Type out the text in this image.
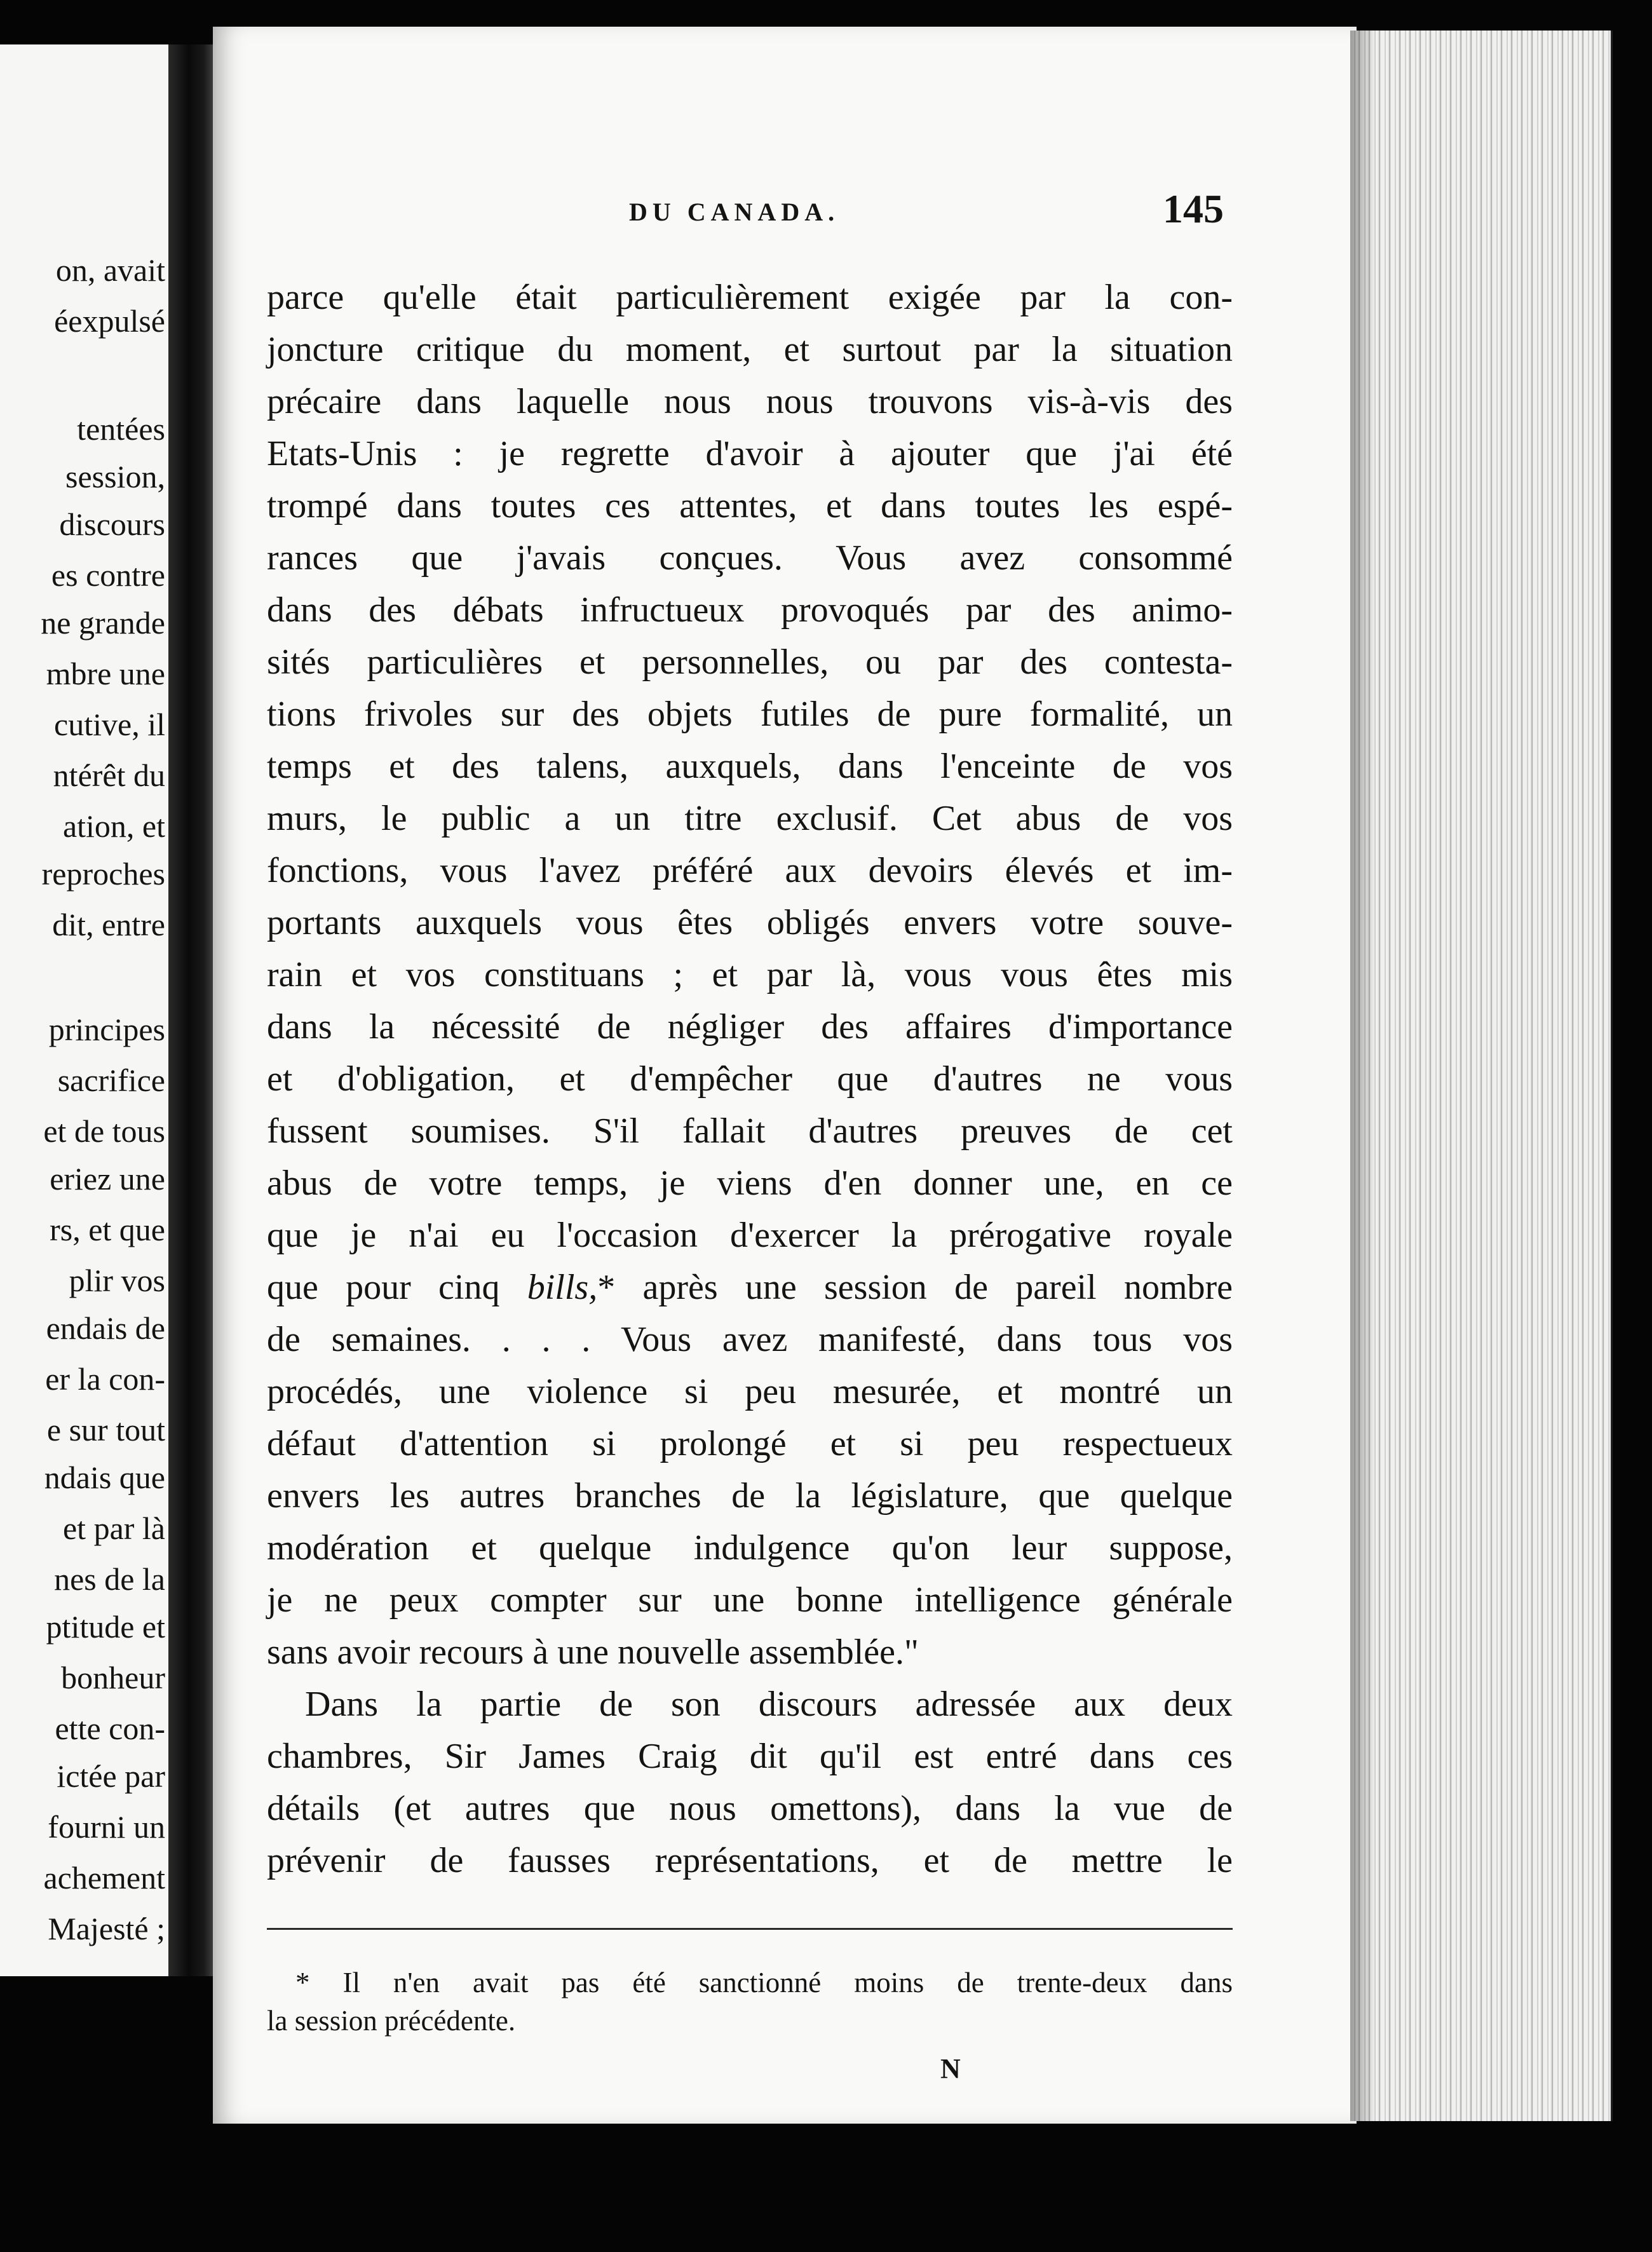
on, avait
éexpulsé
tentées
session,
discours
es contre
ne grande
mbre une
cutive, il
ntérêt du
ation, et
reproches
dit, entre
principes
sacrifice
et de tous
eriez une
rs, et que
plir vos
endais de
er la con-
e sur tout
ndais que
et par là
nes de la
ptitude et
bonheur
ette con-
ictée par
fourni un
achement
Majesté ;
DU CANADA.	145
parce qu'elle était particulièrement exigée par la con-
joncture critique du moment, et surtout par la situation
précaire dans laquelle nous nous trouvons vis-à-vis des
Etats-Unis : je regrette d'avoir à ajouter que j'ai été
trompé dans toutes ces attentes, et dans toutes les espé-
rances que j'avais conçues. Vous avez consommé
dans des débats infructueux provoqués par des animo-
sités particulières et personnelles, ou par des contesta-
tions frivoles sur des objets futiles de pure formalité, un
temps et des talens, auxquels, dans l'enceinte de vos
murs, le public a un titre exclusif. Cet abus de vos
fonctions, vous l'avez préféré aux devoirs élevés et im-
portants auxquels vous êtes obligés envers votre souve-
rain et vos constituans ; et par là, vous vous êtes mis
dans la nécessité de négliger des affaires d'importance
et d'obligation, et d'empêcher que d'autres ne vous
fussent soumises. S'il fallait d'autres preuves de cet
abus de votre temps, je viens d'en donner une, en ce
que je n'ai eu l'occasion d'exercer la prérogative royale
que pour cinq bills,* après une session de pareil nombre
de semaines. . . . Vous avez manifesté, dans tous vos
procédés, une violence si peu mesurée, et montré un
défaut d'attention si prolongé et si peu respectueux
envers les autres branches de la législature, que quelque
modération et quelque indulgence qu'on leur suppose,
je ne peux compter sur une bonne intelligence générale
sans avoir recours à une nouvelle assemblée."
Dans la partie de son discours adressée aux deux
chambres, Sir James Craig dit qu'il est entré dans ces
détails (et autres que nous omettons), dans la vue de
prévenir de fausses représentations, et de mettre le
* Il n'en avait pas été sanctionné moins de trente-deux dans
la session précédente.
N
